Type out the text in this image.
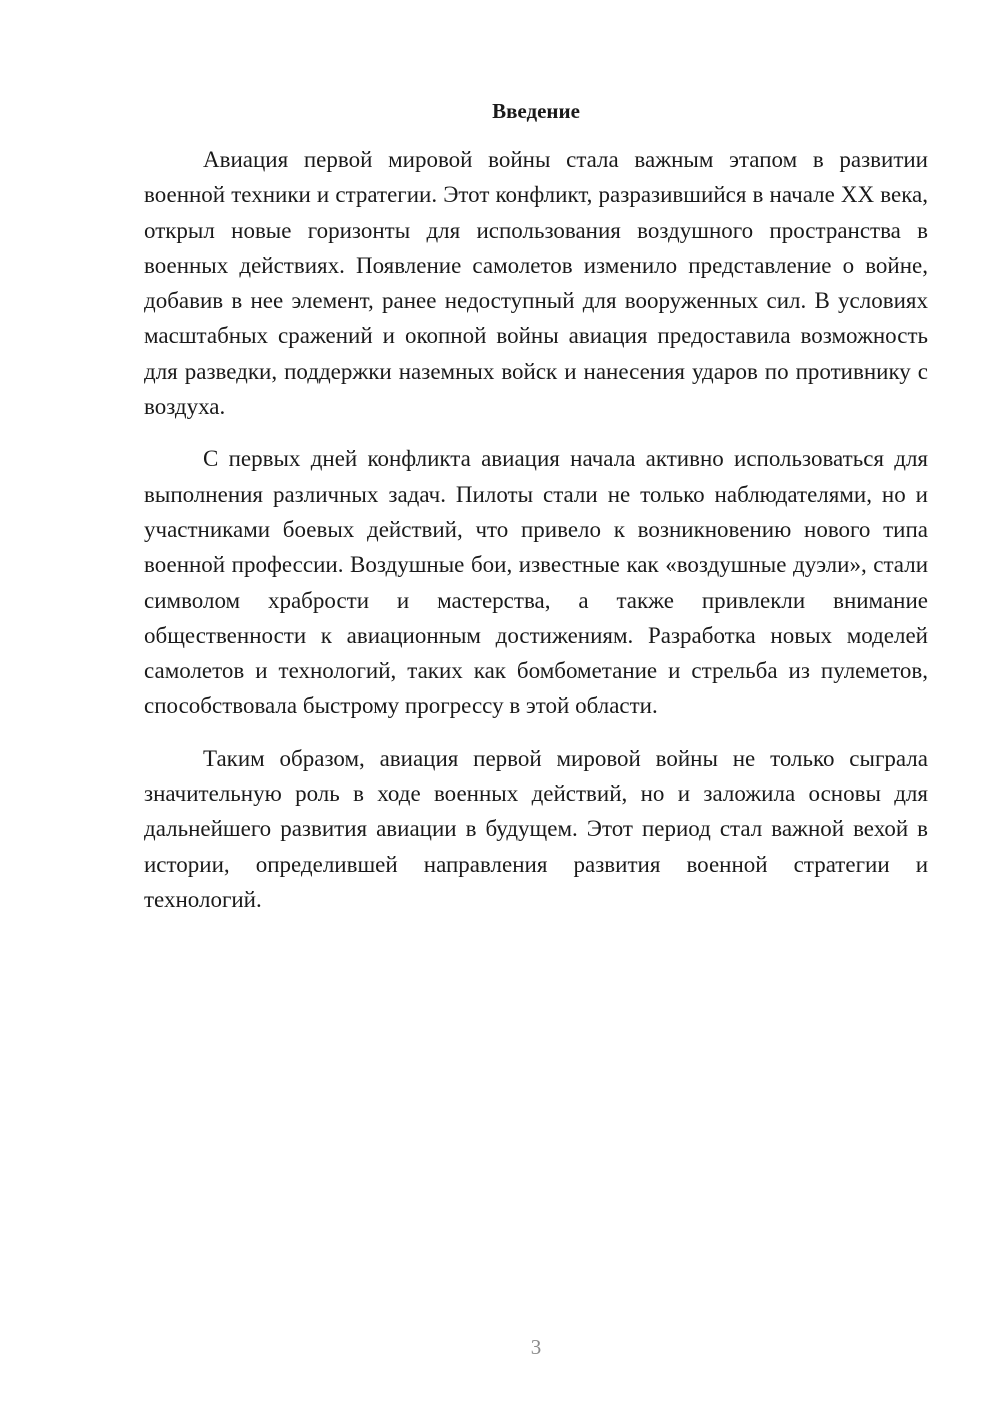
Введение

Авиация первой мировой войны стала важным этапом в развитии военной техники и стратегии. Этот конфликт, разразившийся в начале XX века, открыл новые горизонты для использования воздушного пространства в военных действиях. Появление самолетов изменило представление о войне, добавив в нее элемент, ранее недоступный для вооруженных сил. В условиях масштабных сражений и окопной войны авиация предоставила возможность для разведки, поддержки наземных войск и нанесения ударов по противнику с воздуха.

С первых дней конфликта авиация начала активно использоваться для выполнения различных задач. Пилоты стали не только наблюдателями, но и участниками боевых действий, что привело к возникновению нового типа военной профессии. Воздушные бои, известные как «воздушные дуэли», стали символом храбрости и мастерства, а также привлекли внимание общественности к авиационным достижениям. Разработка новых моделей самолетов и технологий, таких как бомбометание и стрельба из пулеметов, способствовала быстрому прогрессу в этой области.

Таким образом, авиация первой мировой войны не только сыграла значительную роль в ходе военных действий, но и заложила основы для дальнейшего развития авиации в будущем. Этот период стал важной вехой в истории, определившей направления развития военной стратегии и технологий.

3
